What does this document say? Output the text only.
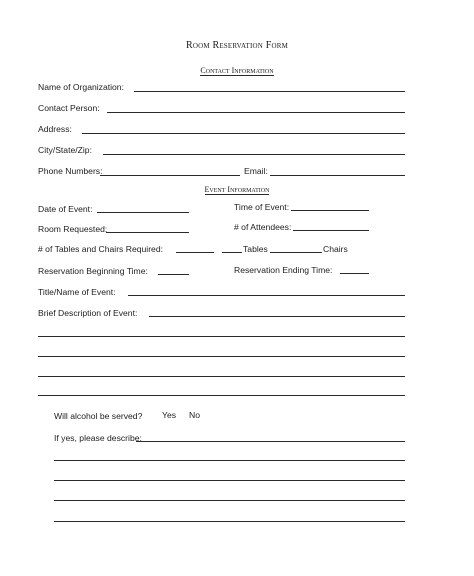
Room Reservation Form
Contact Information
Name of Organization:
Contact Person:
Address:
City/State/Zip:
Phone Numbers:	Email:
Event Information
Date of Event:	Time of Event:
Room Requested:	# of Attendees:
# of Tables and Chairs Required:	Tables	Chairs
Reservation Beginning Time:	Reservation Ending Time:
Title/Name of Event:
Brief Description of Event:
Will alcohol be served? Yes No
If yes, please describe:
